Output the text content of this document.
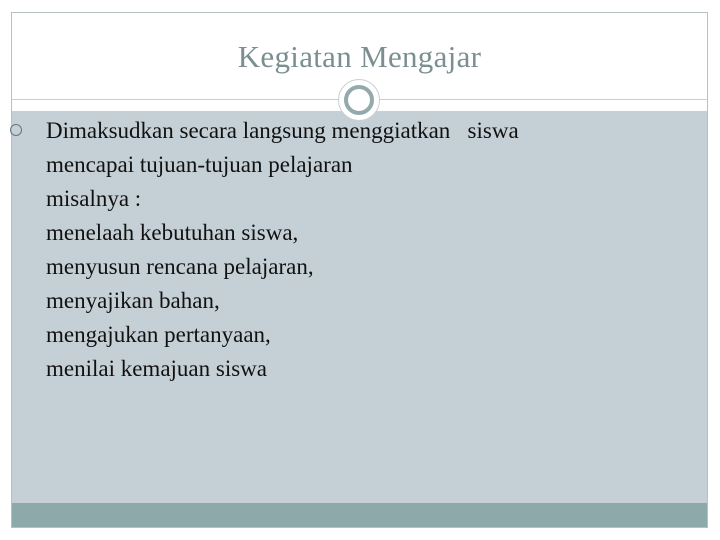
Kegiatan Mengajar
Dimaksudkan secara langsung menggiatkan   siswa
mencapai tujuan-tujuan pelajaran
misalnya :
menelaah kebutuhan siswa,
menyusun rencana pelajaran,
menyajikan bahan,
mengajukan pertanyaan,
menilai kemajuan siswa
